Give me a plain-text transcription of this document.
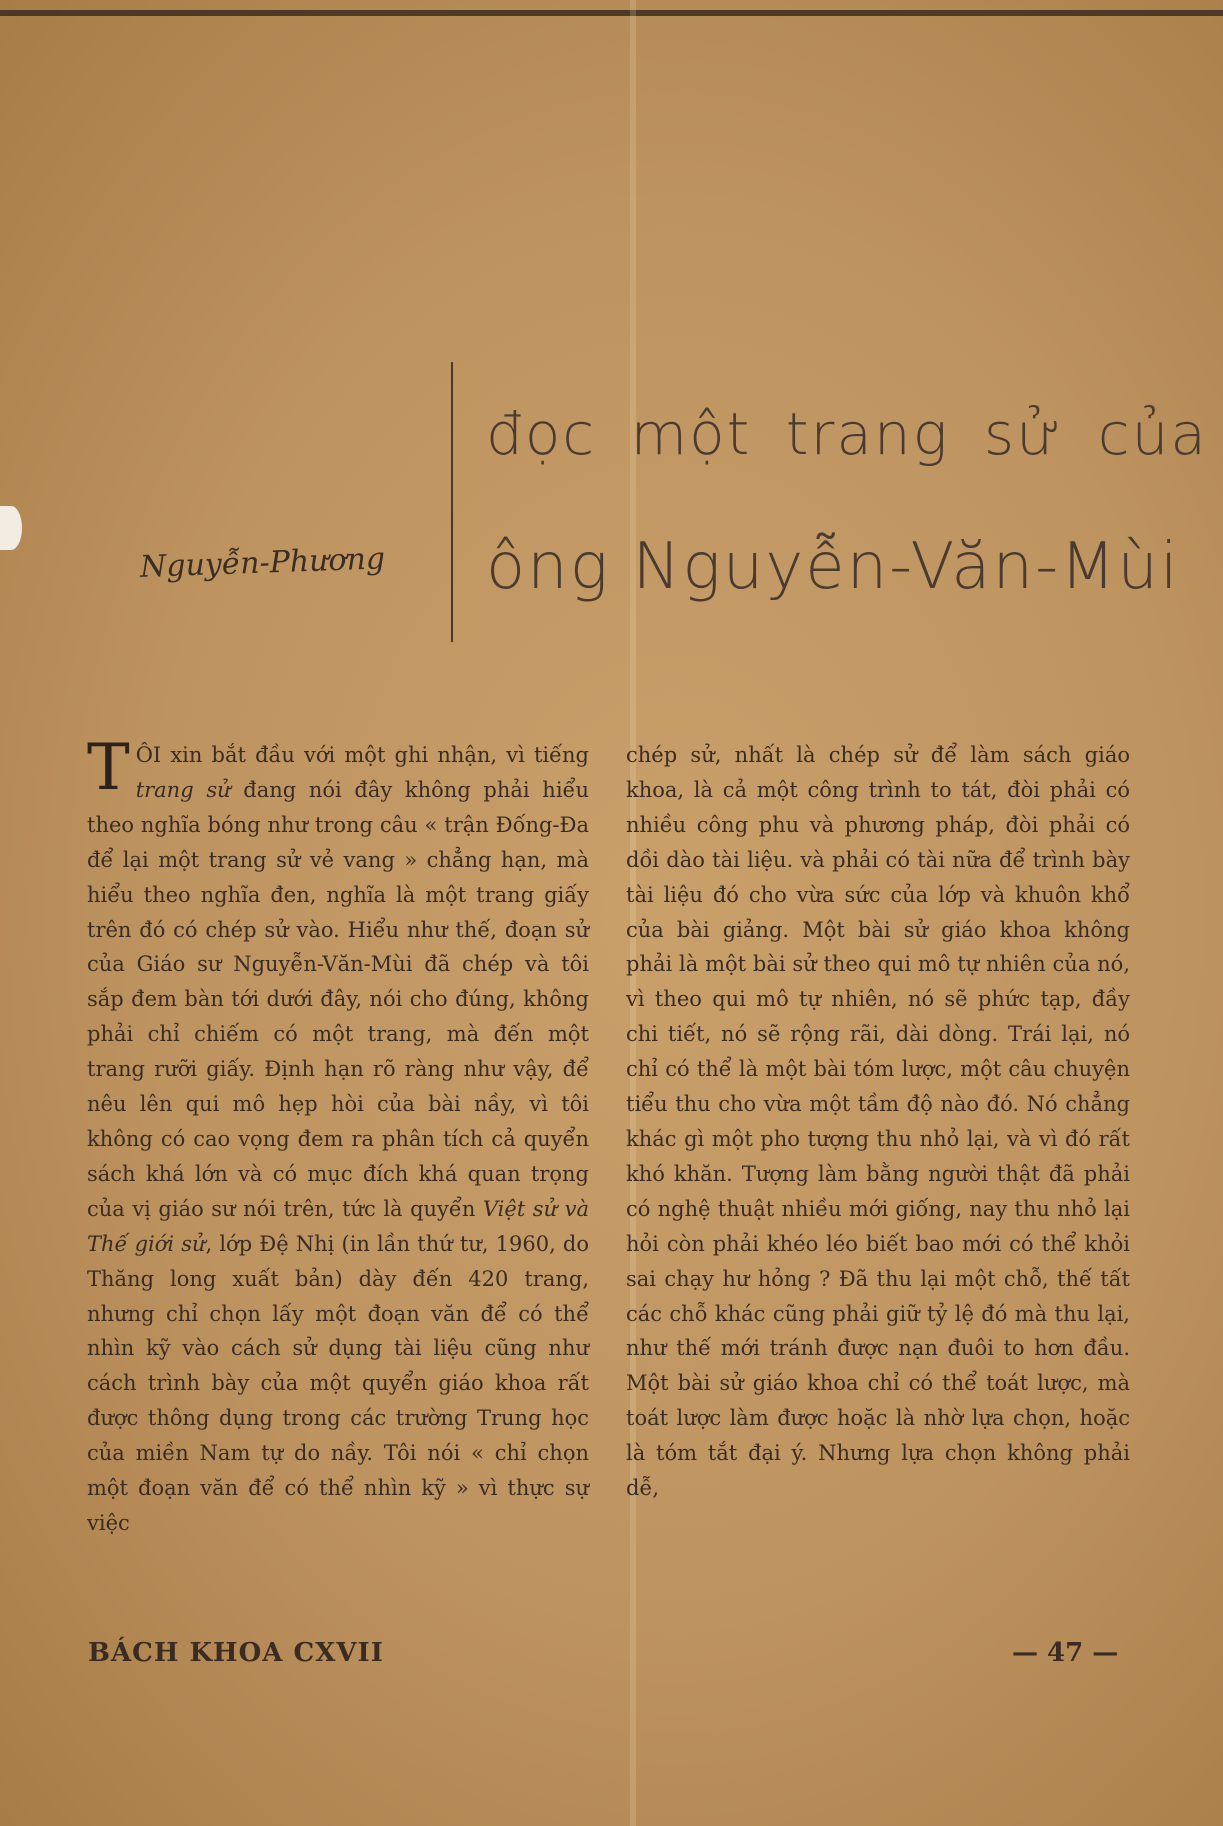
đọc một trang sử của
ông Nguyễn-Văn-Mùi
Nguyễn-Phương

TÔI xin bắt đầu với một ghi nhận, vì tiếng trang sử đang nói đây không phải hiểu theo nghĩa bóng như trong câu « trận Đống-Đa để lại một trang sử vẻ vang » chẳng hạn, mà hiểu theo nghĩa đen, nghĩa là một trang giấy trên đó có chép sử vào. Hiểu như thế, đoạn sử của Giáo sư Nguyễn-Văn-Mùi đã chép và tôi sắp đem bàn tới dưới đây, nói cho đúng, không phải chỉ chiếm có một trang, mà đến một trang rưỡi giấy. Định hạn rõ ràng như vậy, để nêu lên qui mô hẹp hòi của bài nầy, vì tôi không có cao vọng đem ra phân tích cả quyển sách khá lớn và có mục đích khá quan trọng của vị giáo sư nói trên, tức là quyển Việt sử và Thế giới sử, lớp Đệ Nhị (in lần thứ tư, 1960, do Thăng long xuất bản) dày đến 420 trang, nhưng chỉ chọn lấy một đoạn văn để có thể nhìn kỹ vào cách sử dụng tài liệu cũng như cách trình bày của một quyển giáo khoa rất được thông dụng trong các trường Trung học của miền Nam tự do nầy. Tôi nói « chỉ chọn một đoạn văn để có thể nhìn kỹ » vì thực sự việc

chép sử, nhất là chép sử để làm sách giáo khoa, là cả một công trình to tát, đòi phải có nhiều công phu và phương pháp, đòi phải có dồi dào tài liệu. và phải có tài nữa để trình bày tài liệu đó cho vừa sức của lớp và khuôn khổ của bài giảng. Một bài sử giáo khoa không phải là một bài sử theo qui mô tự nhiên của nó, vì theo qui mô tự nhiên, nó sẽ phức tạp, đầy chi tiết, nó sẽ rộng rãi, dài dòng. Trái lại, nó chỉ có thể là một bài tóm lược, một câu chuyện tiểu thu cho vừa một tầm độ nào đó. Nó chẳng khác gì một pho tượng thu nhỏ lại, và vì đó rất khó khăn. Tượng làm bằng người thật đã phải có nghệ thuật nhiều mới giống, nay thu nhỏ lại hỏi còn phải khéo léo biết bao mới có thể khỏi sai chạy hư hỏng ? Đã thu lại một chỗ, thế tất các chỗ khác cũng phải giữ tỷ lệ đó mà thu lại, như thế mới tránh được nạn đuôi to hơn đầu. Một bài sử giáo khoa chỉ có thể toát lược, mà toát lược làm được hoặc là nhờ lựa chọn, hoặc là tóm tắt đại ý. Nhưng lựa chọn không phải dễ,

BÁCH KHOA CXVII	— 47 —
